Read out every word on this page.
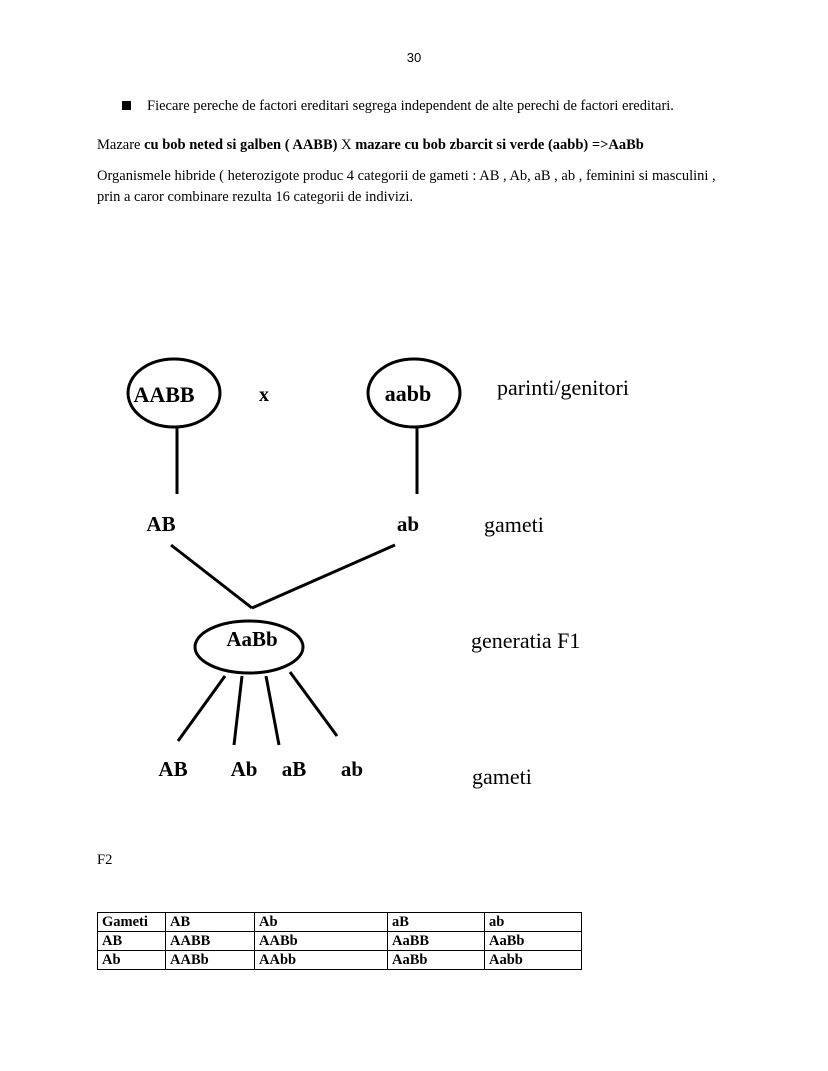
30
Fiecare pereche de factori ereditari segrega independent de alte perechi de factori ereditari.
Mazare cu bob neted si galben ( AABB) X mazare cu bob zbarcit si verde (aabb) =>AaBb
Organismele hibride ( heterozigote produc 4 categorii de gameti : AB , Ab, aB , ab , feminini si masculini , prin a caror combinare rezulta 16 categorii de indivizi.
AABB	x	aabb	parinti/genitori
AB	ab	gameti
AaBb	generatia F1
AB Ab aB ab	gameti
F2
Gameti	AB	Ab	aB	ab
AB	AABB	AABb	AaBB	AaBb
Ab	AABb	AAbb	AaBb	Aabb
